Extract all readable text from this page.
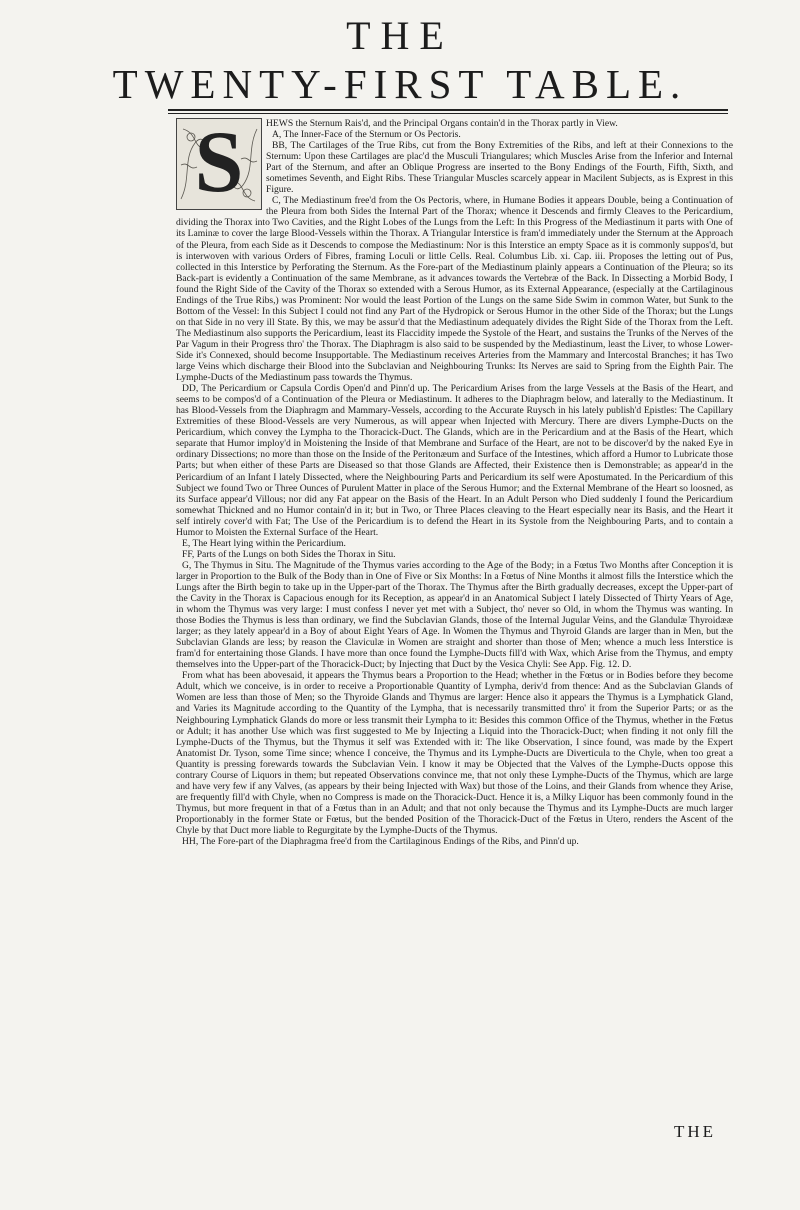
THE
TWENTY-FIRST TABLE.
S	HEWS the Sternum Rais'd, and the Principal Organs contain'd in the Thorax partly in View.

A, The Inner-Face of the Sternum or Os Pectoris.

BB, The Cartilages of the True Ribs, cut from the Bony Extremities of the Ribs, and left at their Connexions to the Sternum: Upon these Cartilages are plac'd the Musculi Triangulares; which Muscles Arise from the Inferior and Internal Part of the Sternum, and after an Oblique Progress are inserted to the Bony Endings of the Fourth, Fifth, Sixth, and sometimes Seventh, and Eight Ribs. These Triangular Muscles scarcely appear in Macilent Subjects, as is Exprest in this Figure.

C, The Mediastinum free'd from the Os Pectoris, where, in Humane Bodies it appears Double, being a Continuation of the Pleura from both Sides the Internal Part of the Thorax; whence it Descends and firmly Cleaves to the Pericardium, dividing the Thorax into Two Cavities, and the Right Lobes of the Lungs from the Left: In this Progress of the Mediastinum it parts with One of its Laminæ to cover the large Blood-Vessels within the Thorax. A Triangular Interstice is fram'd immediately under the Sternum at the Approach of the Pleura, from each Side as it Descends to compose the Mediastinum: Nor is this Interstice an empty Space as it is commonly suppos'd, but is interwoven with various Orders of Fibres, framing Loculi or little Cells. Real. Columbus Lib. xi. Cap. iii. Proposes the letting out of Pus, collected in this Interstice by Perforating the Sternum. As the Fore-part of the Mediastinum plainly appears a Continuation of the Pleura; so its Back-part is evidently a Continuation of the same Membrane, as it advances towards the Vertebræ of the Back. In Dissecting a Morbid Body, I found the Right Side of the Cavity of the Thorax so extended with a Serous Humor, as its External Appearance, (especially at the Cartilaginous Endings of the True Ribs,) was Prominent: Nor would the least Portion of the Lungs on the same Side Swim in common Water, but Sunk to the Bottom of the Vessel: In this Subject I could not find any Part of the Hydropick or Serous Humor in the other Side of the Thorax; but the Lungs on that Side in no very ill State. By this, we may be assur'd that the Mediastinum adequately divides the Right Side of the Thorax from the Left. The Mediastinum also supports the Pericardium, least its Flaccidity impede the Systole of the Heart, and sustains the Trunks of the Nerves of the Par Vagum in their Progress thro' the Thorax. The Diaphragm is also said to be suspended by the Mediastinum, least the Liver, to whose Lower-Side it's Connexed, should become Insupportable. The Mediastinum receives Arteries from the Mammary and Intercostal Branches; it has Two large Veins which discharge their Blood into the Subclavian and Neighbouring Trunks: Its Nerves are said to Spring from the Eighth Pair. The Lymphe-Ducts of the Mediastinum pass towards the Thymus.

DD, The Pericardium or Capsula Cordis Open'd and Pinn'd up. The Pericardium Arises from the large Vessels at the Basis of the Heart, and seems to be compos'd of a Continuation of the Pleura or Mediastinum. It adheres to the Diaphragm below, and laterally to the Mediastinum. It has Blood-Vessels from the Diaphragm and Mammary-Vessels, according to the Accurate Ruysch in his lately publish'd Epistles: The Capillary Extremities of these Blood-Vessels are very Numerous, as will appear when Injected with Mercury. There are divers Lymphe-Ducts on the Pericardium, which convey the Lympha to the Thoracick-Duct. The Glands, which are in the Pericardium and at the Basis of the Heart, which separate that Humor imploy'd in Moistening the Inside of that Membrane and Surface of the Heart, are not to be discover'd by the naked Eye in ordinary Dissections; no more than those on the Inside of the Peritonæum and Surface of the Intestines, which afford a Humor to Lubricate those Parts; but when either of these Parts are Diseased so that those Glands are Affected, their Existence then is Demonstrable; as appear'd in the Pericardium of an Infant I lately Dissected, where the Neighbouring Parts and Pericardium its self were Apostumated. In the Pericardium of this Subject we found Two or Three Ounces of Purulent Matter in place of the Serous Humor; and the External Membrane of the Heart so loosned, as its Surface appear'd Villous; nor did any Fat appear on the Basis of the Heart. In an Adult Person who Died suddenly I found the Pericardium somewhat Thickned and no Humor contain'd in it; but in Two, or Three Places cleaving to the Heart especially near its Basis, and the Heart it self intirely cover'd with Fat; The Use of the Pericardium is to defend the Heart in its Systole from the Neighbouring Parts, and to contain a Humor to Moisten the External Surface of the Heart.

E, The Heart lying within the Pericardium.

FF, Parts of the Lungs on both Sides the Thorax in Situ.

G, The Thymus in Situ. The Magnitude of the Thymus varies according to the Age of the Body; in a Fœtus Two Months after Conception it is larger in Proportion to the Bulk of the Body than in One of Five or Six Months: In a Fœtus of Nine Months it almost fills the Interstice which the Lungs after the Birth begin to take up in the Upper-part of the Thorax. The Thymus after the Birth gradually decreases, except the Upper-part of the Cavity in the Thorax is Capacious enough for its Reception, as appear'd in an Anatomical Subject I lately Dissected of Thirty Years of Age, in whom the Thymus was very large: I must confess I never yet met with a Subject, tho' never so Old, in whom the Thymus was wanting. In those Bodies the Thymus is less than ordinary, we find the Subclavian Glands, those of the Internal Jugular Veins, and the Glandulæ Thyroidææ larger; as they lately appear'd in a Boy of about Eight Years of Age. In Women the Thymus and Thyroid Glands are larger than in Men, but the Subclavian Glands are less; by reason the Claviculæ in Women are straight and shorter than those of Men; whence a much less Interstice is fram'd for entertaining those Glands. I have more than once found the Lymphe-Ducts fill'd with Wax, which Arise from the Thymus, and empty themselves into the Upper-part of the Thoracick-Duct; by Injecting that Duct by the Vesica Chyli: See App. Fig. 12. D.

From what has been abovesaid, it appears the Thymus bears a Proportion to the Head; whether in the Fœtus or in Bodies before they become Adult, which we conceive, is in order to receive a Proportionable Quantity of Lympha, deriv'd from thence: And as the Subclavian Glands of Women are less than those of Men; so the Thyroide Glands and Thymus are larger: Hence also it appears the Thymus is a Lymphatick Gland, and Varies its Magnitude according to the Quantity of the Lympha, that is necessarily transmitted thro' it from the Superior Parts; or as the Neighbouring Lymphatick Glands do more or less transmit their Lympha to it: Besides this common Office of the Thymus, whether in the Fœtus or Adult; it has another Use which was first suggested to Me by Injecting a Liquid into the Thoracick-Duct; when finding it not only fill the Lymphe-Ducts of the Thymus, but the Thymus it self was Extended with it: The like Observation, I since found, was made by the Expert Anatomist Dr. Tyson, some Time since; whence I conceive, the Thymus and its Lymphe-Ducts are Diverticula to the Chyle, when too great a Quantity is pressing forewards towards the Subclavian Vein. I know it may be Objected that the Valves of the Lymphe-Ducts oppose this contrary Course of Liquors in them; but repeated Observations convince me, that not only these Lymphe-Ducts of the Thymus, which are large and have very few if any Valves, (as appears by their being Injected with Wax) but those of the Loins, and their Glands from whence they Arise, are frequently fill'd with Chyle, when no Compress is made on the Thoracick-Duct. Hence it is, a Milky Liquor has been commonly found in the Thymus, but more frequent in that of a Fœtus than in an Adult; and that not only because the Thymus and its Lymphe-Ducts are much larger Proportionably in the former State or Fœtus, but the bended Position of the Thoracick-Duct of the Fœtus in Utero, renders the Ascent of the Chyle by that Duct more liable to Regurgitate by the Lymphe-Ducts of the Thymus.

HH, The Fore-part of the Diaphragma free'd from the Cartilaginous Endings of the Ribs, and Pinn'd up.

THE
